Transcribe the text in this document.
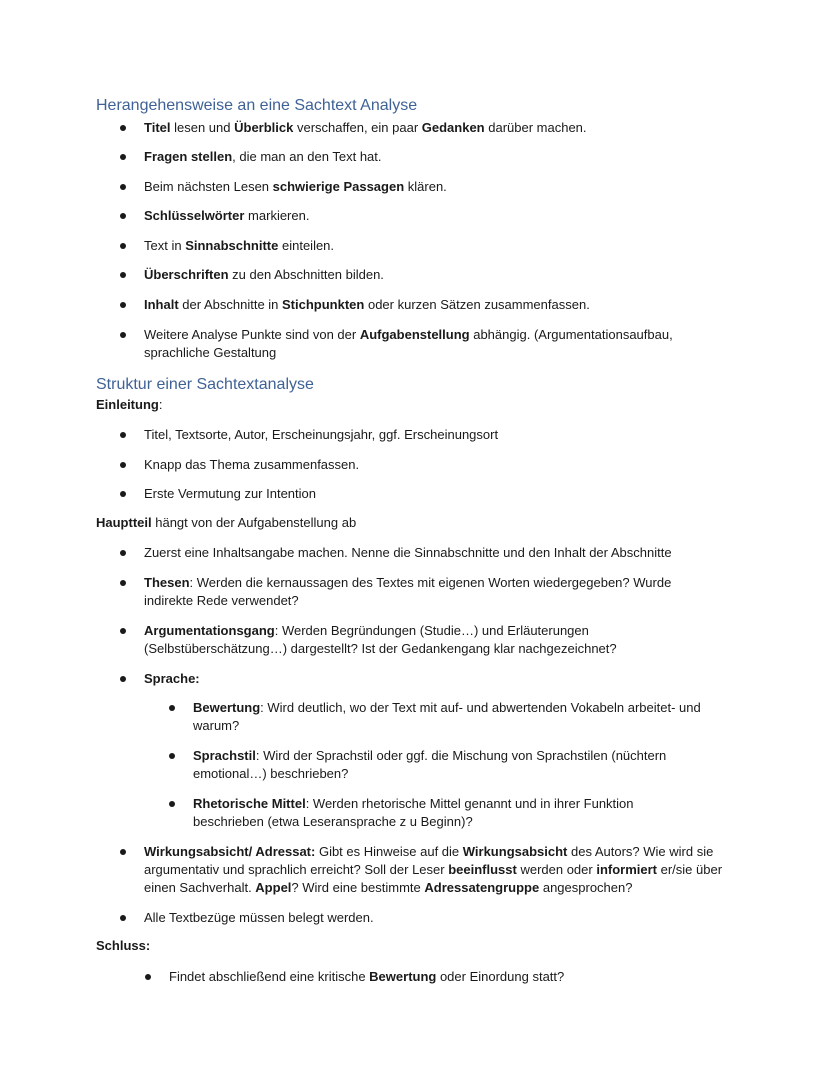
Herangehensweise an eine Sachtext Analyse
Titel lesen und Überblick verschaffen, ein paar Gedanken darüber machen.
Fragen stellen, die man an den Text hat.
Beim nächsten Lesen schwierige Passagen klären.
Schlüsselwörter markieren.
Text in Sinnabschnitte einteilen.
Überschriften zu den Abschnitten bilden.
Inhalt der Abschnitte in Stichpunkten oder kurzen Sätzen zusammenfassen.
Weitere Analyse Punkte sind von der Aufgabenstellung abhängig. (Argumentationsaufbau, sprachliche Gestaltung
Struktur einer Sachtextanalyse

Einleitung:

Titel, Textsorte, Autor, Erscheinungsjahr, ggf. Erscheinungsort
Knapp das Thema zusammenfassen.
Erste Vermutung zur Intention

Hauptteil hängt von der Aufgabenstellung ab

Zuerst eine Inhaltsangabe machen. Nenne die Sinnabschnitte und den Inhalt der Abschnitte
Thesen: Werden die kernaussagen des Textes mit eigenen Worten wiedergegeben? Wurde indirekte Rede verwendet?
Argumentationsgang: Werden Begründungen (Studie…) und Erläuterungen (Selbstüberschätzung…) dargestellt? Ist der Gedankengang klar nachgezeichnet?
Sprache:
Bewertung: Wird deutlich, wo der Text mit auf- und abwertenden Vokabeln arbeitet- und warum?
Sprachstil: Wird der Sprachstil oder ggf. die Mischung von Sprachstilen (nüchtern emotional…) beschrieben?
Rhetorische Mittel: Werden rhetorische Mittel genannt und in ihrer Funktion beschrieben (etwa Leseransprache z u Beginn)?
Wirkungsabsicht/ Adressat: Gibt es Hinweise auf die Wirkungsabsicht des Autors? Wie wird sie argumentativ und sprachlich erreicht? Soll der Leser beeinflusst werden oder informiert er/sie über einen Sachverhalt. Appel? Wird eine bestimmte Adressatengruppe angesprochen?
Alle Textbezüge müssen belegt werden.

Schluss:

Findet abschließend eine kritische Bewertung oder Einordung statt?
